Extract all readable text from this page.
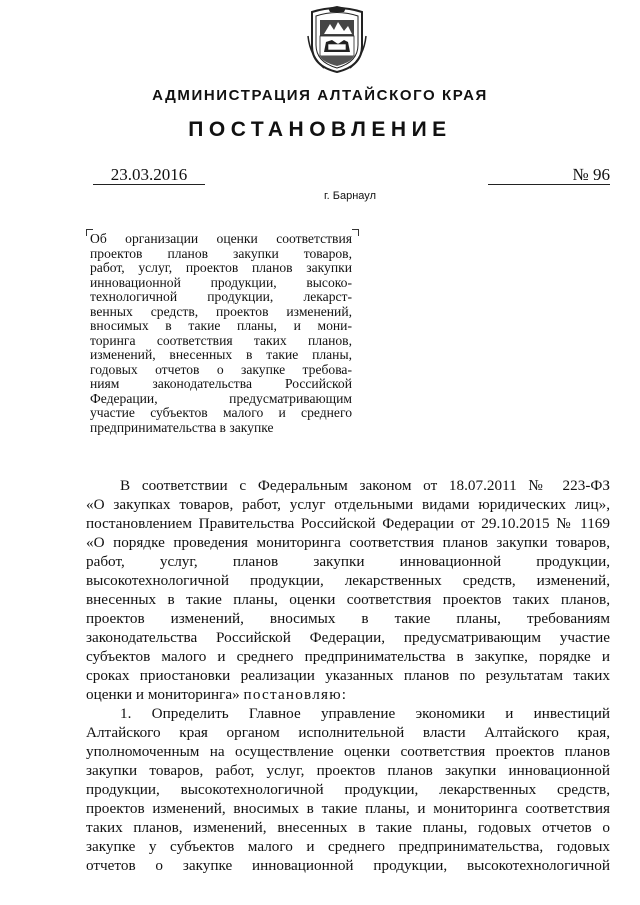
АДМИНИСТРАЦИЯ АЛТАЙСКОГО КРАЯ
ПОСТАНОВЛЕНИЕ
23.03.2016	№ 96
г. Барнаул
Об организации оценки соответствия
проектов планов закупки товаров,
работ, услуг, проектов планов закупки
инновационной продукции, высоко-
технологичной продукции, лекарст-
венных средств, проектов изменений,
вносимых в такие планы, и мони-
торинга соответствия таких планов,
изменений, внесенных в такие планы,
годовых отчетов о закупке требова-
ниям законодательства Российской
Федерации, предусматривающим
участие субъектов малого и среднего
предпринимательства в закупке
В соответствии с Федеральным законом от 18.07.2011 № 223-ФЗ
«О закупках товаров, работ, услуг отдельными видами юридических лиц»,
постановлением Правительства Российской Федерации от 29.10.2015 № 1169
«О порядке проведения мониторинга соответствия планов закупки товаров,
работ, услуг, планов закупки инновационной продукции,
высокотехнологичной продукции, лекарственных средств, изменений,
внесенных в такие планы, оценки соответствия проектов таких планов,
проектов изменений, вносимых в такие планы, требованиям
законодательства Российской Федерации, предусматривающим участие
субъектов малого и среднего предпринимательства в закупке, порядке и
сроках приостановки реализации указанных планов по результатам таких
оценки и мониторинга» постановляю:
1. Определить Главное управление экономики и инвестиций
Алтайского края органом исполнительной власти Алтайского края,
уполномоченным на осуществление оценки соответствия проектов планов
закупки товаров, работ, услуг, проектов планов закупки инновационной
продукции, высокотехнологичной продукции, лекарственных средств,
проектов изменений, вносимых в такие планы, и мониторинга соответствия
таких планов, изменений, внесенных в такие планы, годовых отчетов о
закупке у субъектов малого и среднего предпринимательства, годовых
отчетов о закупке инновационной продукции, высокотехнологичной
